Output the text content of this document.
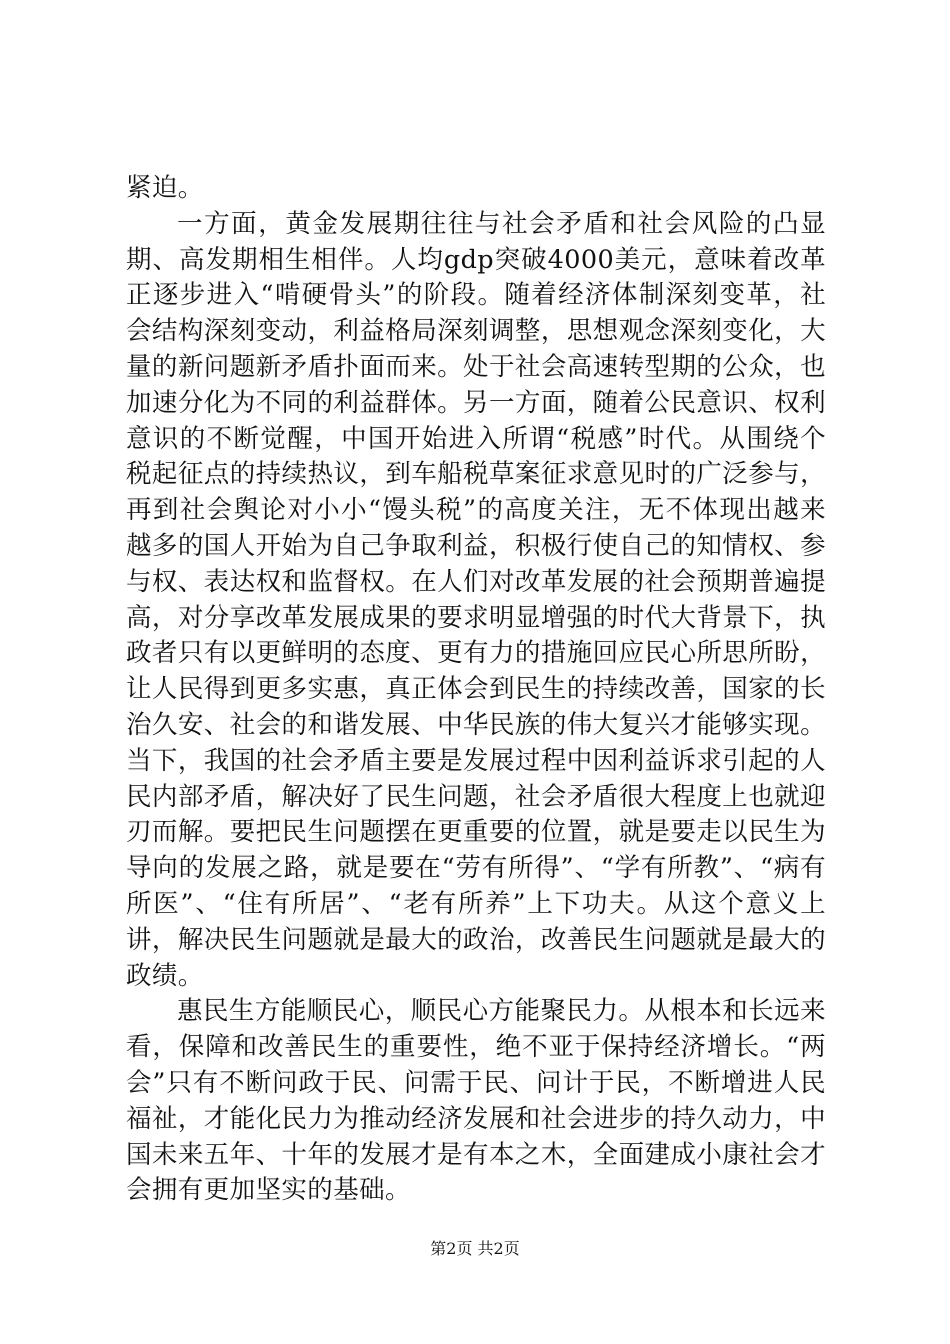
紧迫。

一方面，黄金发展期往往与社会矛盾和社会风险的凸显期、高发期相生相伴。人均gdp突破4000美元，意味着改革正逐步进入“啃硬骨头”的阶段。随着经济体制深刻变革，社会结构深刻变动，利益格局深刻调整，思想观念深刻变化，大量的新问题新矛盾扑面而来。处于社会高速转型期的公众，也加速分化为不同的利益群体。另一方面，随着公民意识、权利意识的不断觉醒，中国开始进入所谓“税感”时代。从围绕个税起征点的持续热议，到车船税草案征求意见时的广泛参与，再到社会舆论对小小“馒头税”的高度关注，无不体现出越来越多的国人开始为自己争取利益，积极行使自己的知情权、参与权、表达权和监督权。在人们对改革发展的社会预期普遍提高，对分享改革发展成果的要求明显增强的时代大背景下，执政者只有以更鲜明的态度、更有力的措施回应民心所思所盼，让人民得到更多实惠，真正体会到民生的持续改善，国家的长治久安、社会的和谐发展、中华民族的伟大复兴才能够实现。当下，我国的社会矛盾主要是发展过程中因利益诉求引起的人民内部矛盾，解决好了民生问题，社会矛盾很大程度上也就迎刃而解。要把民生问题摆在更重要的位置，就是要走以民生为导向的发展之路，就是要在“劳有所得”、“学有所教”、“病有所医”、“住有所居”、“老有所养”上下功夫。从这个意义上讲，解决民生问题就是最大的政治，改善民生问题就是最大的政绩。

惠民生方能顺民心，顺民心方能聚民力。从根本和长远来看，保障和改善民生的重要性，绝不亚于保持经济增长。“两会”只有不断问政于民、问需于民、问计于民，不断增进人民福祉，才能化民力为推动经济发展和社会进步的持久动力，中国未来五年、十年的发展才是有本之木，全面建成小康社会才会拥有更加坚实的基础。

第2页 共2页
